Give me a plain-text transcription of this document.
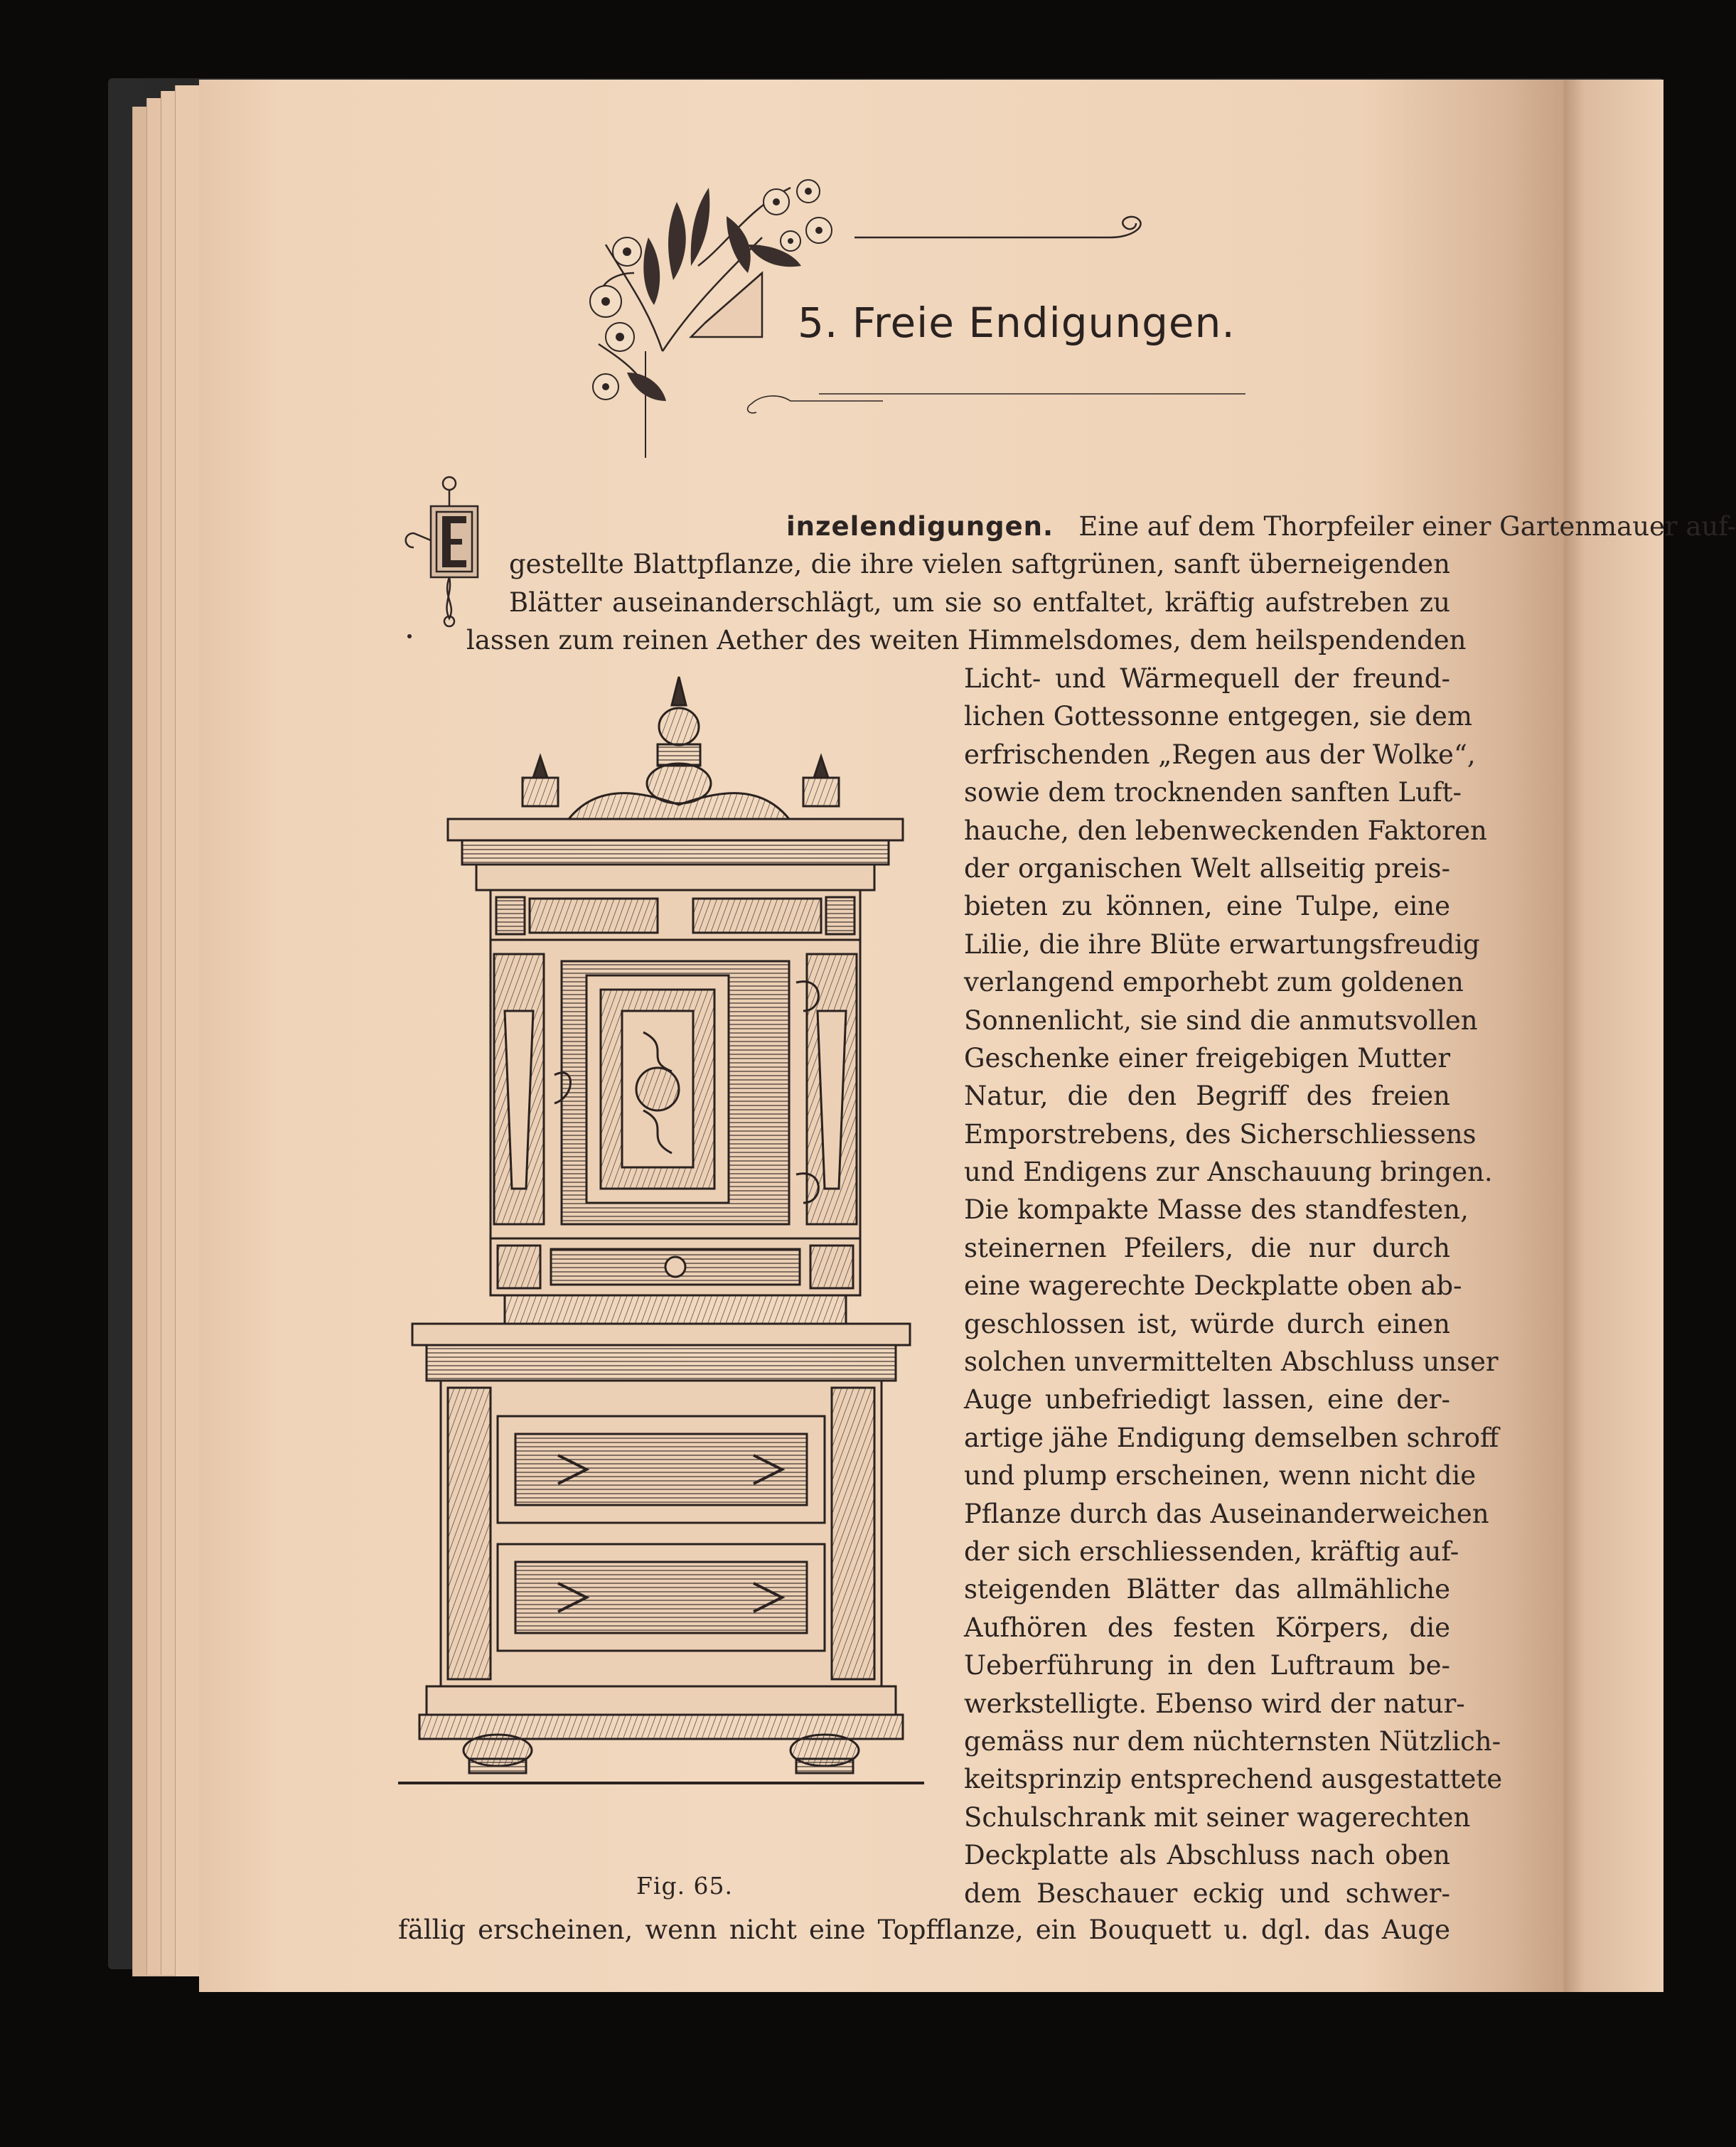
5. Freie Endigungen.
inzelendigungen. Eine auf dem Thorpfeiler einer Gartenmauer auf-
gestellte Blattpflanze, die ihre vielen saftgrünen, sanft überneigenden
Blätter auseinanderschlägt, um sie so entfaltet, kräftig aufstreben zu
lassen zum reinen Aether des weiten Himmelsdomes, dem heilspendenden
Licht- und Wärmequell der freund-
lichen Gottessonne entgegen, sie dem
erfrischenden „Regen aus der Wolke“,
sowie dem trocknenden sanften Luft-
hauche, den lebenweckenden Faktoren
der organischen Welt allseitig preis-
bieten zu können, eine Tulpe, eine
Lilie, die ihre Blüte erwartungsfreudig
verlangend emporhebt zum goldenen
Sonnenlicht, sie sind die anmutsvollen
Geschenke einer freigebigen Mutter
Natur, die den Begriff des freien
Emporstrebens, des Sicherschliessens
und Endigens zur Anschauung bringen.
Die kompakte Masse des standfesten,
steinernen Pfeilers, die nur durch
eine wagerechte Deckplatte oben ab-
geschlossen ist, würde durch einen
solchen unvermittelten Abschluss unser
Auge unbefriedigt lassen, eine der-
artige jähe Endigung demselben schroff
und plump erscheinen, wenn nicht die
Pflanze durch das Auseinanderweichen
der sich erschliessenden, kräftig auf-
steigenden Blätter das allmähliche
Aufhören des festen Körpers, die
Ueberführung in den Luftraum be-
werkstelligte. Ebenso wird der natur-
gemäss nur dem nüchternsten Nützlich-
keitsprinzip entsprechend ausgestattete
Schulschrank mit seiner wagerechten
Deckplatte als Abschluss nach oben
dem Beschauer eckig und schwer-
fällig erscheinen, wenn nicht eine Topfflanze, ein Bouquett u. dgl. das Auge
Fig. 65.
